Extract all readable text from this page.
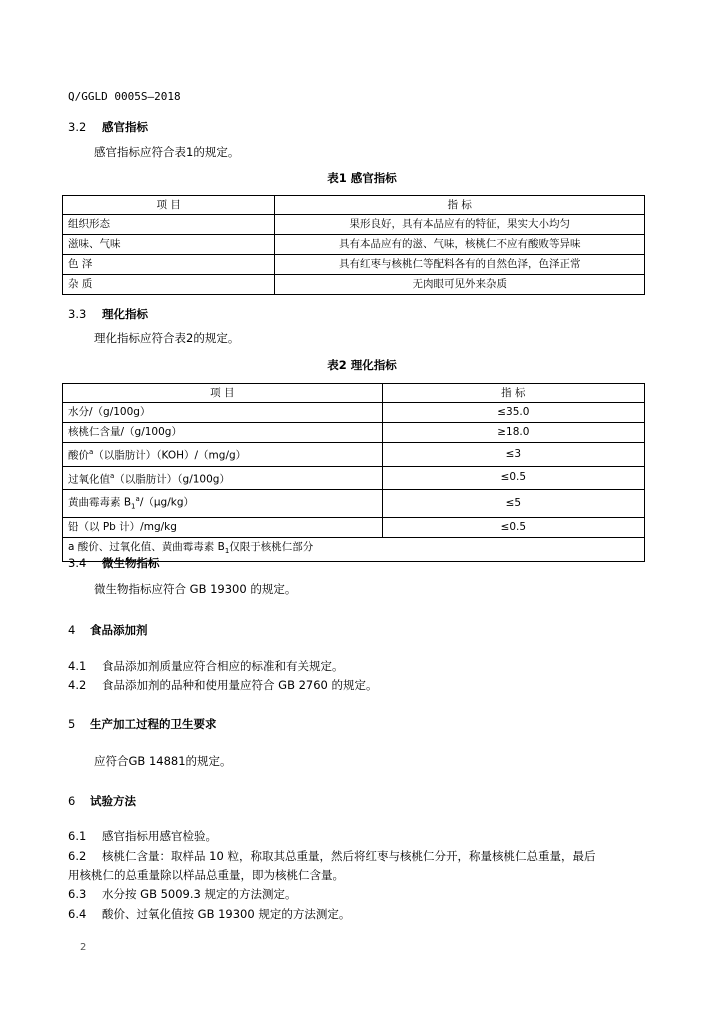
Q/GGLD 0005S—2018
3.2 感官指标
感官指标应符合表1的规定。
表1 感官指标
项 目	指 标
组织形态	果形良好，具有本品应有的特征，果实大小均匀
滋味、气味	具有本品应有的滋、气味，核桃仁不应有酸败等异味
色 泽	具有红枣与核桃仁等配料各有的自然色泽，色泽正常
杂 质	无肉眼可见外来杂质
3.3 理化指标
理化指标应符合表2的规定。
表2 理化指标
项 目	指 标
水分/（g/100g）	≤35.0
核桃仁含量/（g/100g）	≥18.0
酸价$^a$（以脂肪计）（KOH）/（mg/g）	≤3
过氧化值$^a$（以脂肪计）（g/100g）	≤0.5
黄曲霉毒素 $B_1^a/(\mu g/kg)$	≤5
铅（以 Pb 计）/mg/kg	≤0.5
a 酸价、过氧化值、黄曲霉毒素 $B_1$仅限于核桃仁部分	
3.4 微生物指标
微生物指标应符合 GB 19300 的规定。
4 食品添加剂
4.1 食品添加剂质量应符合相应的标准和有关规定。
4.2 食品添加剂的品种和使用量应符合 GB 2760 的规定。
5 生产加工过程的卫生要求
应符合GB 14881的规定。
6 试验方法
6.1 感官指标用感官检验。
6.2 核桃仁含量：取样品 10 粒，称取其总重量，然后将红枣与核桃仁分开，称量核桃仁总重量，最后
用核桃仁的总重量除以样品总重量，即为核桃仁含量。
6.3 水分按 GB 5009.3 规定的方法测定。
6.4 酸价、过氧化值按 GB 19300 规定的方法测定。
2
